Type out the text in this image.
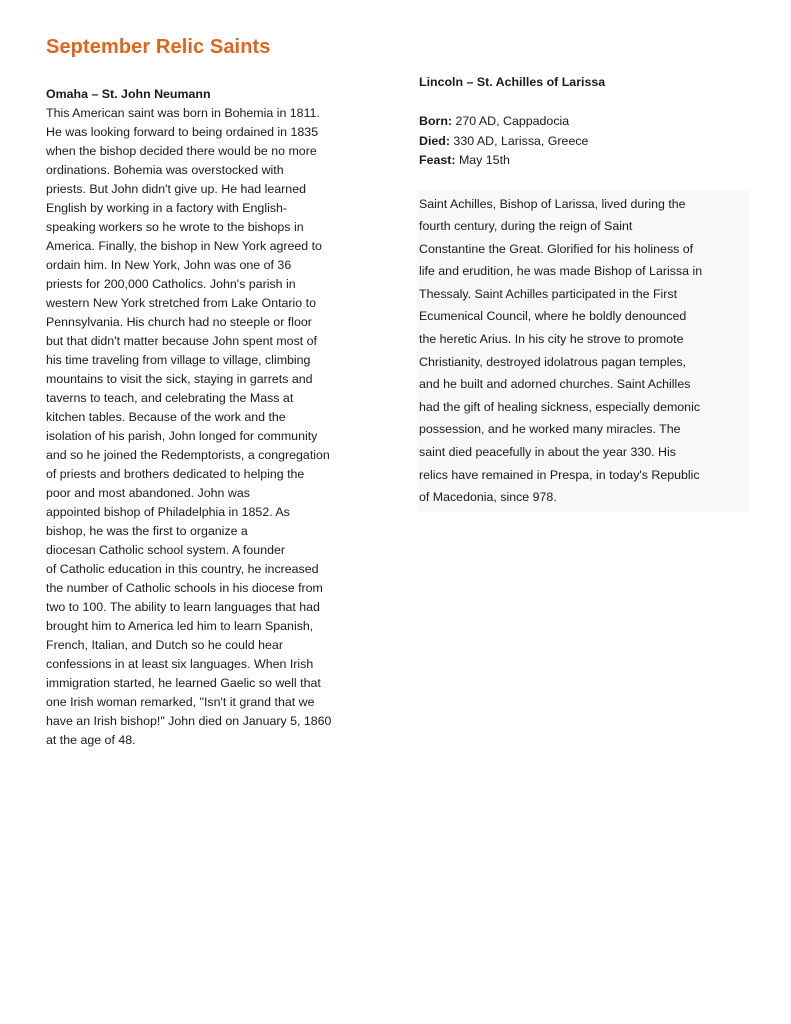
September Relic Saints
Omaha – St. John Neumann
This American saint was born in Bohemia in 1811.
He was looking forward to being ordained in 1835
when the bishop decided there would be no more
ordinations. Bohemia was overstocked with
priests. But John didn't give up. He had learned
English by working in a factory with English-
speaking workers so he wrote to the bishops in
America. Finally, the bishop in New York agreed to
ordain him. In New York, John was one of 36
priests for 200,000 Catholics. John's parish in
western New York stretched from Lake Ontario to
Pennsylvania. His church had no steeple or floor
but that didn't matter because John spent most of
his time traveling from village to village, climbing
mountains to visit the sick, staying in garrets and
taverns to teach, and celebrating the Mass at
kitchen tables. Because of the work and the
isolation of his parish, John longed for community
and so he joined the Redemptorists, a congregation
of priests and brothers dedicated to helping the
poor and most abandoned. John was
appointed bishop of Philadelphia in 1852. As
bishop, he was the first to organize a
diocesan Catholic school system. A founder
of Catholic education in this country, he increased
the number of Catholic schools in his diocese from
two to 100. The ability to learn languages that had
brought him to America led him to learn Spanish,
French, Italian, and Dutch so he could hear
confessions in at least six languages. When Irish
immigration started, he learned Gaelic so well that
one Irish woman remarked, "Isn't it grand that we
have an Irish bishop!" John died on January 5, 1860
at the age of 48.
Lincoln – St. Achilles of Larissa
Born: 270 AD, Cappadocia
Died: 330 AD, Larissa, Greece
Feast: May 15th
Saint Achilles, Bishop of Larissa, lived during the
fourth century, during the reign of Saint
Constantine the Great. Glorified for his holiness of
life and erudition, he was made Bishop of Larissa in
Thessaly. Saint Achilles participated in the First
Ecumenical Council, where he boldly denounced
the heretic Arius. In his city he strove to promote
Christianity, destroyed idolatrous pagan temples,
and he built and adorned churches. Saint Achilles
had the gift of healing sickness, especially demonic
possession, and he worked many miracles. The
saint died peacefully in about the year 330. His
relics have remained in Prespa, in today's Republic
of Macedonia, since 978.
